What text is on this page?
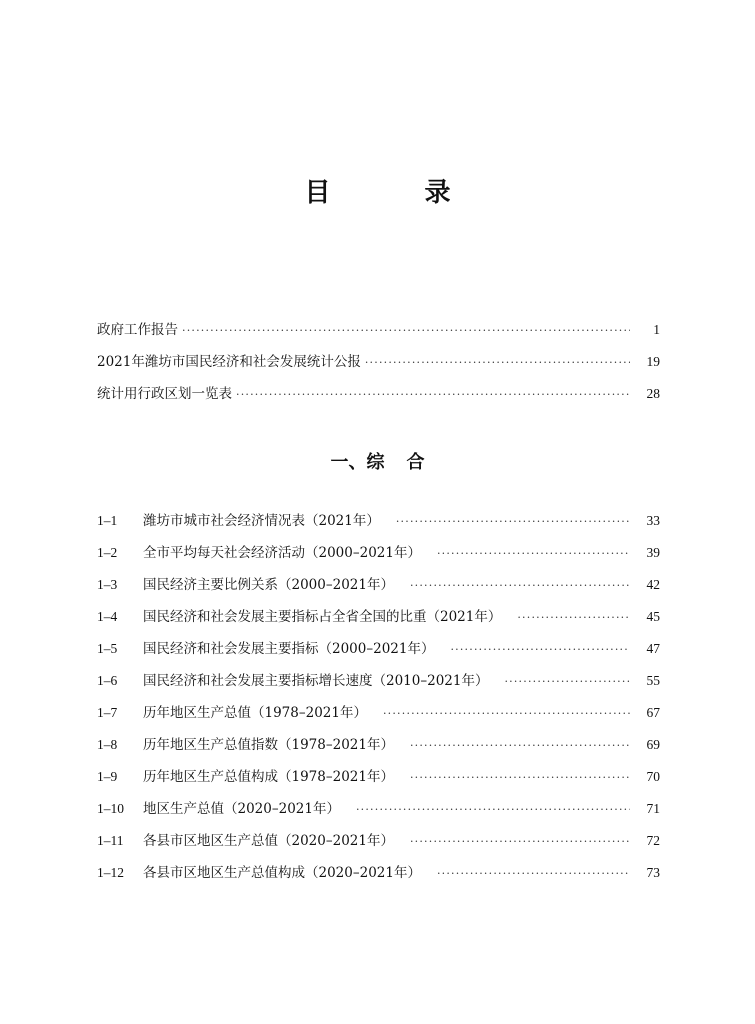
目　录
政府工作报告 ·····	1
2021年潍坊市国民经济和社会发展统计公报 ·····	19
统计用行政区划一览表 ·····	28
一、综 合
1–1	潍坊市城市社会经济情况表（2021年） ·····	33
1–2	全市平均每天社会经济活动（2000–2021年） ·····	39
1–3	国民经济主要比例关系（2000–2021年） ·····	42
1–4	国民经济和社会发展主要指标占全省全国的比重（2021年） ·····	45
1–5	国民经济和社会发展主要指标（2000–2021年） ·····	47
1–6	国民经济和社会发展主要指标增长速度（2010–2021年） ·····	55
1–7	历年地区生产总值（1978–2021年） ·····	67
1–8	历年地区生产总值指数（1978–2021年） ·····	69
1–9	历年地区生产总值构成（1978–2021年） ·····	70
1–10	地区生产总值（2020–2021年） ·····	71
1–11	各县市区地区生产总值（2020–2021年） ·····	72
1–12	各县市区地区生产总值构成（2020–2021年） ·····	73
